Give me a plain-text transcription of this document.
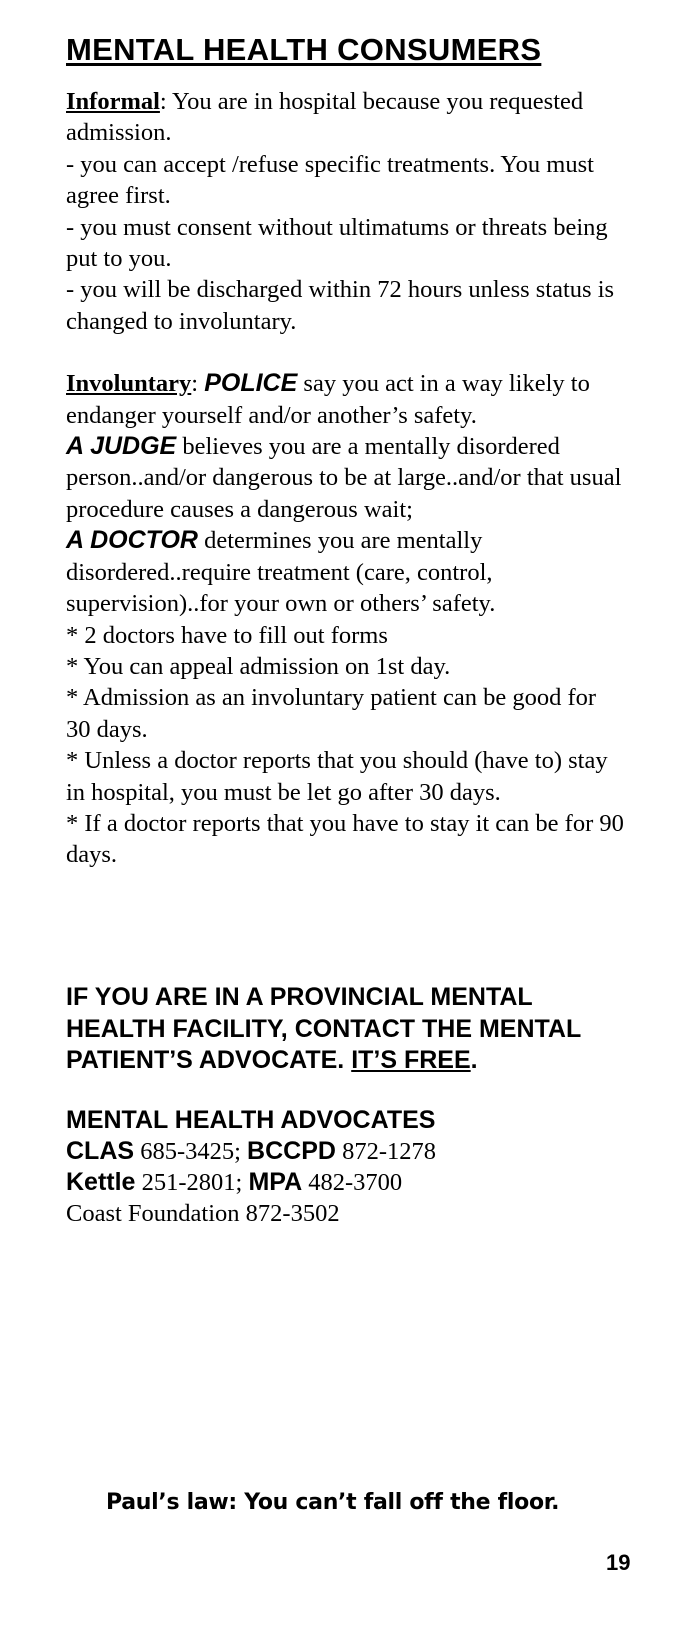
MENTAL HEALTH CONSUMERS

Informal: You are in hospital because you requested admission.

- you can accept /refuse specific treatments. You must agree first.

- you must consent without ultimatums or threats being put to you.

- you will be discharged within 72 hours unless status is changed to involuntary.

Involuntary: POLICE say you act in a way likely to endanger yourself and/or another’s safety.

A JUDGE believes you are a mentally disordered person..and/or dangerous to be at large..and/or that usual procedure causes a dangerous wait;

A DOCTOR determines you are mentally disordered..require treatment (care, control, supervision)..for your own or others’ safety.

* 2 doctors have to fill out forms

* You can appeal admission on 1st day.

* Admission as an involuntary patient can be good for 30 days.

* Unless a doctor reports that you should (have to) stay in hospital, you must be let go after 30 days.

* If a doctor reports that you have to stay it can be for 90 days.

IF YOU ARE IN A PROVINCIAL MENTAL HEALTH FACILITY, CONTACT THE MENTAL PATIENT’S ADVOCATE. IT’S FREE.
MENTAL HEALTH ADVOCATES
CLAS 685-3425; BCCPD 872-1278
Kettle 251-2801; MPA 482-3700
Coast Foundation 872-3502
Paul’s law: You can’t fall off the floor.
19
